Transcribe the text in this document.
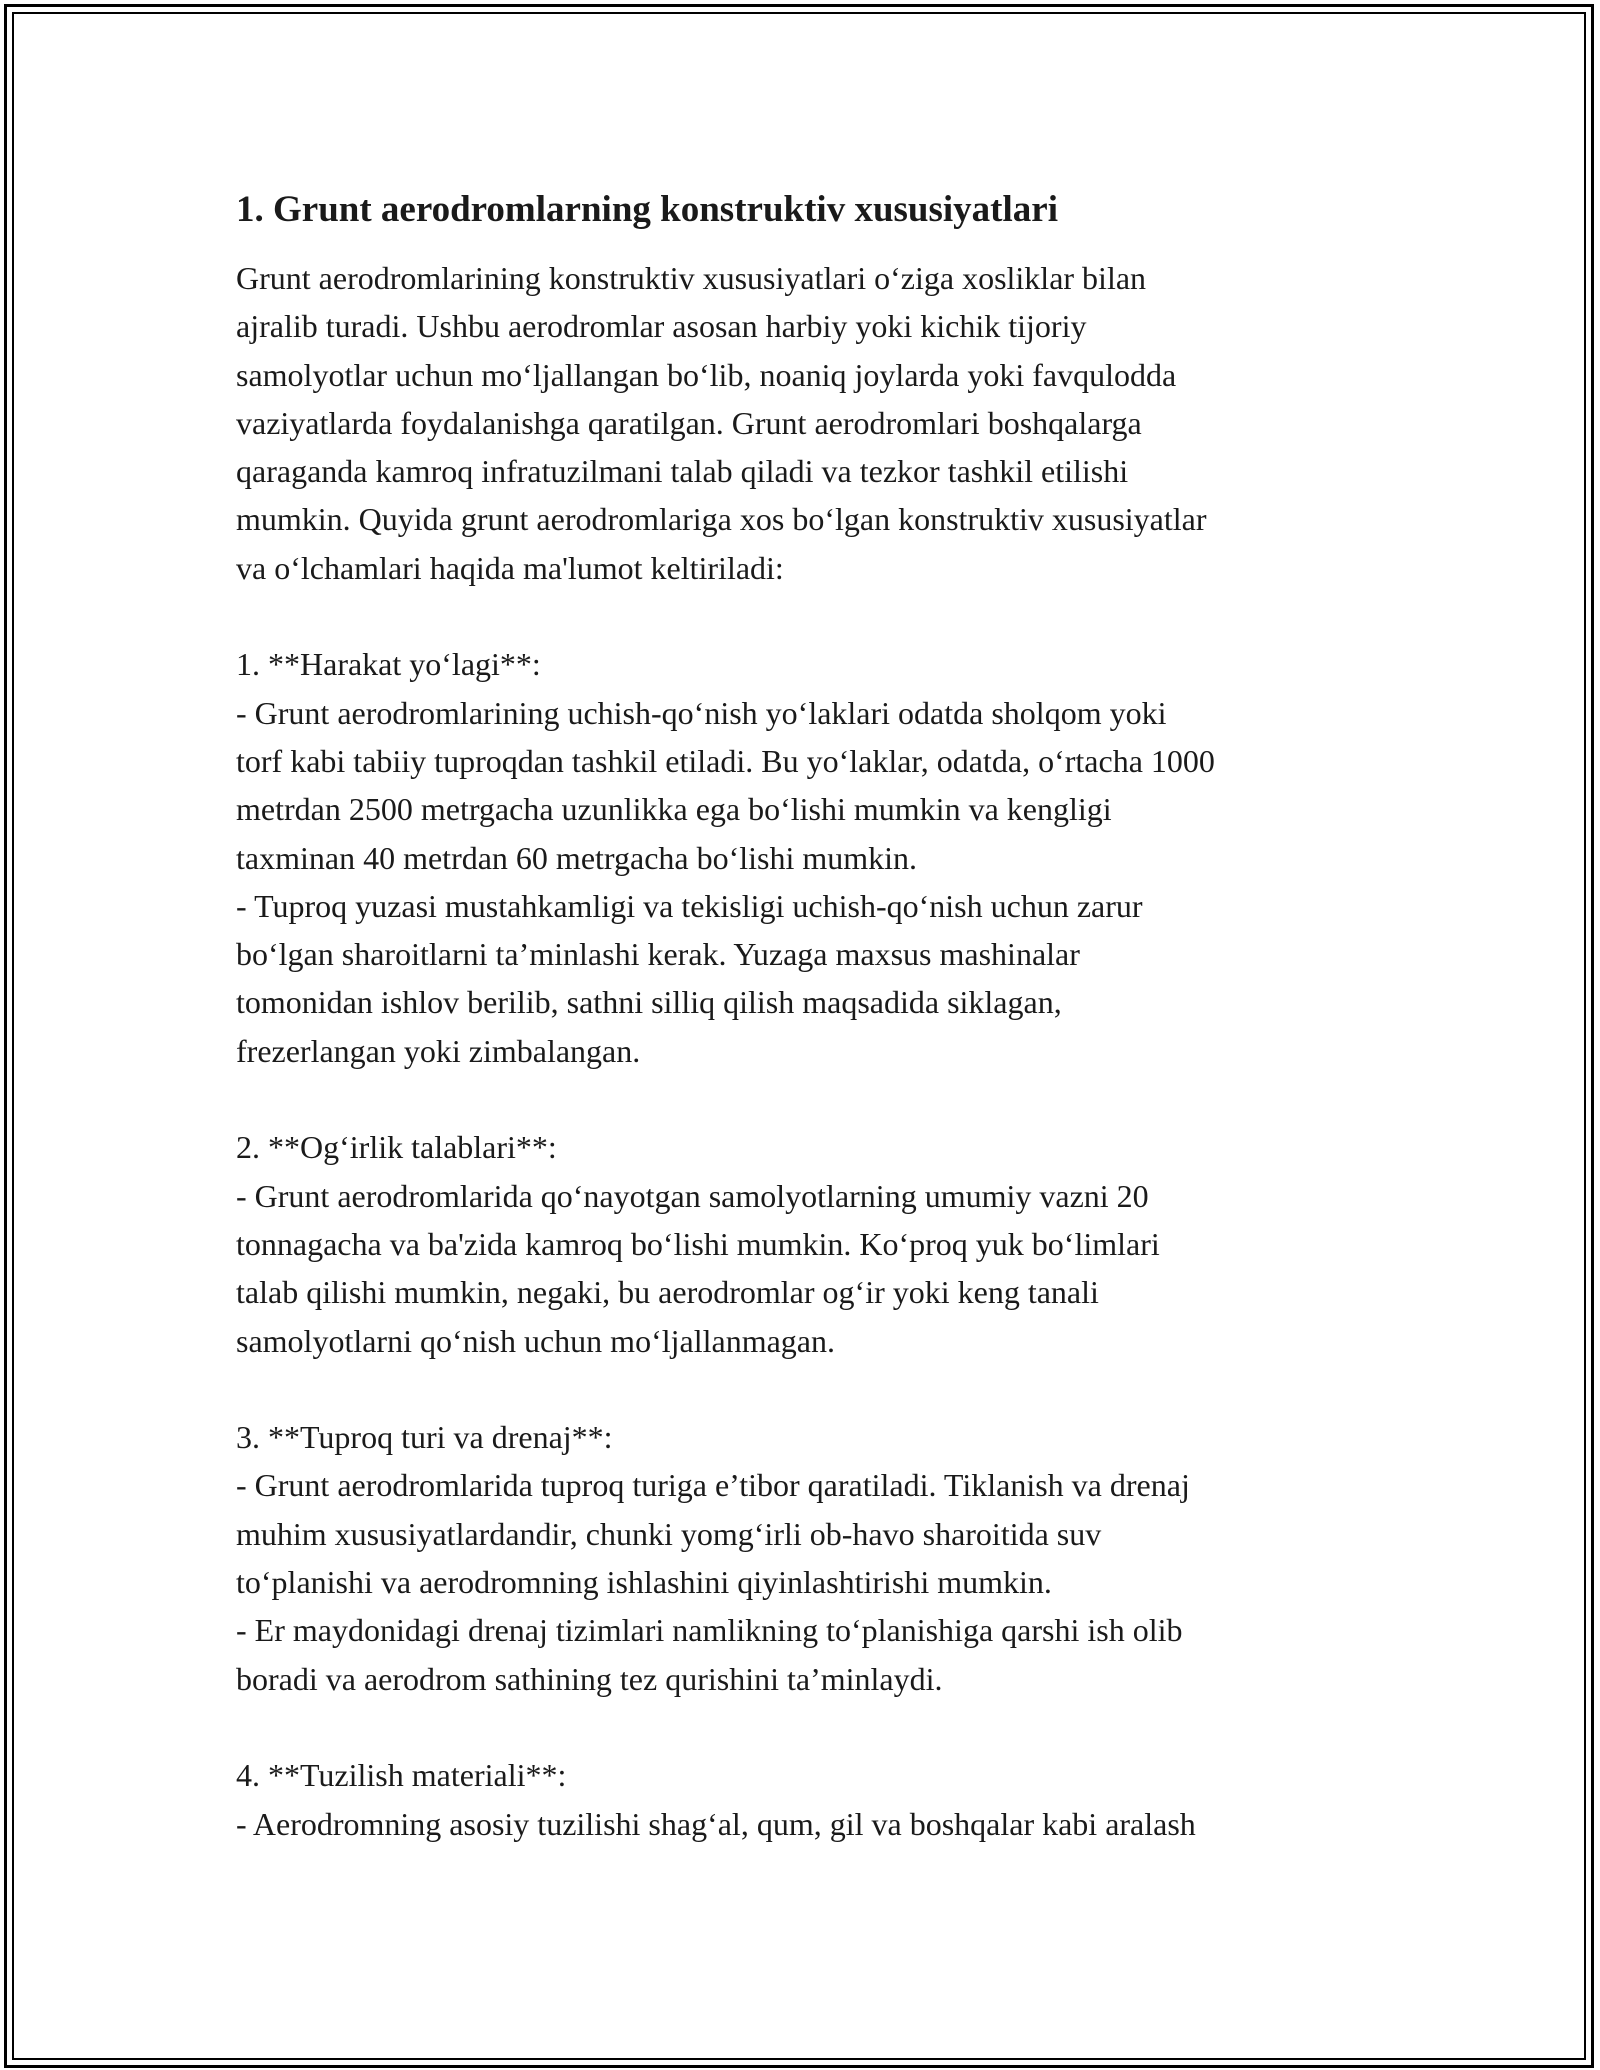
1. Grunt aerodromlarning konstruktiv xususiyatlari

Grunt aerodromlarining konstruktiv xususiyatlari o‘ziga xosliklar bilan
ajralib turadi. Ushbu aerodromlar asosan harbiy yoki kichik tijoriy
samolyotlar uchun mo‘ljallangan bo‘lib, noaniq joylarda yoki favqulodda
vaziyatlarda foydalanishga qaratilgan. Grunt aerodromlari boshqalarga
qaraganda kamroq infratuzilmani talab qiladi va tezkor tashkil etilishi
mumkin. Quyida grunt aerodromlariga xos bo‘lgan konstruktiv xususiyatlar
va o‘lchamlari haqida ma'lumot keltiriladi:

1. **Harakat yo‘lagi**:
- Grunt aerodromlarining uchish-qo‘nish yo‘laklari odatda sholqom yoki
torf kabi tabiiy tuproqdan tashkil etiladi. Bu yo‘laklar, odatda, o‘rtacha 1000
metrdan 2500 metrgacha uzunlikka ega bo‘lishi mumkin va kengligi
taxminan 40 metrdan 60 metrgacha bo‘lishi mumkin.
- Tuproq yuzasi mustahkamligi va tekisligi uchish-qo‘nish uchun zarur
bo‘lgan sharoitlarni ta’minlashi kerak. Yuzaga maxsus mashinalar
tomonidan ishlov berilib, sathni silliq qilish maqsadida siklagan,
frezerlangan yoki zimbalangan.

2. **Og‘irlik talablari**:
- Grunt aerodromlarida qo‘nayotgan samolyotlarning umumiy vazni 20
tonnagacha va ba'zida kamroq bo‘lishi mumkin. Ko‘proq yuk bo‘limlari
talab qilishi mumkin, negaki, bu aerodromlar og‘ir yoki keng tanali
samolyotlarni qo‘nish uchun mo‘ljallanmagan.

3. **Tuproq turi va drenaj**:
- Grunt aerodromlarida tuproq turiga e’tibor qaratiladi. Tiklanish va drenaj
muhim xususiyatlardandir, chunki yomg‘irli ob-havo sharoitida suv
to‘planishi va aerodromning ishlashini qiyinlashtirishi mumkin.
- Er maydonidagi drenaj tizimlari namlikning to‘planishiga qarshi ish olib
boradi va aerodrom sathining tez qurishini ta’minlaydi.

4. **Tuzilish materiali**:
- Aerodromning asosiy tuzilishi shag‘al, qum, gil va boshqalar kabi aralash
